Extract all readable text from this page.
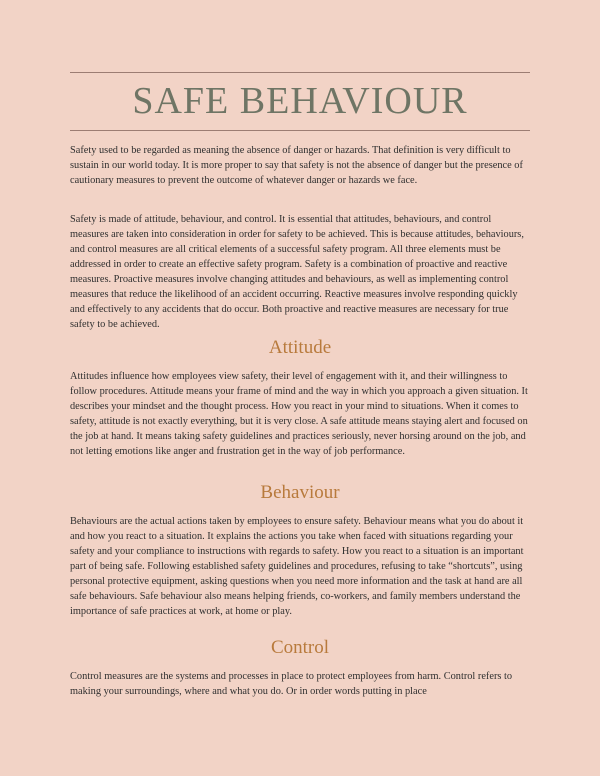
SAFE BEHAVIOUR

Safety used to be regarded as meaning the absence of danger or hazards. That definition is very difficult to sustain in our world today. It is more proper to say that safety is not the absence of danger but the presence of cautionary measures to prevent the outcome of whatever danger or hazards we face.

Safety is made of attitude, behaviour, and control. It is essential that attitudes, behaviours, and control measures are taken into consideration in order for safety to be achieved. This is because attitudes, behaviours, and control measures are all critical elements of a successful safety program. All three elements must be addressed in order to create an effective safety program. Safety is a combination of proactive and reactive measures. Proactive measures involve changing attitudes and behaviours, as well as implementing control measures that reduce the likelihood of an accident occurring. Reactive measures involve responding quickly and effectively to any accidents that do occur. Both proactive and reactive measures are necessary for true safety to be achieved.

Attitude

Attitudes influence how employees view safety, their level of engagement with it, and their willingness to follow procedures. Attitude means your frame of mind and the way in which you approach a given situation. It describes your mindset and the thought process. How you react in your mind to situations. When it comes to safety, attitude is not exactly everything, but it is very close. A safe attitude means staying alert and focused on the job at hand. It means taking safety guidelines and practices seriously, never horsing around on the job, and not letting emotions like anger and frustration get in the way of job performance.

Behaviour

Behaviours are the actual actions taken by employees to ensure safety. Behaviour means what you do about it and how you react to a situation. It explains the actions you take when faced with situations regarding your safety and your compliance to instructions with regards to safety. How you react to a situation is an important part of being safe. Following established safety guidelines and procedures, refusing to take “shortcuts”, using personal protective equipment, asking questions when you need more information and the task at hand are all safe behaviours. Safe behaviour also means helping friends, co-workers, and family members understand the importance of safe practices at work, at home or play.

Control

Control measures are the systems and processes in place to protect employees from harm. Control refers to making your surroundings, where and what you do. Or in order words putting in place
